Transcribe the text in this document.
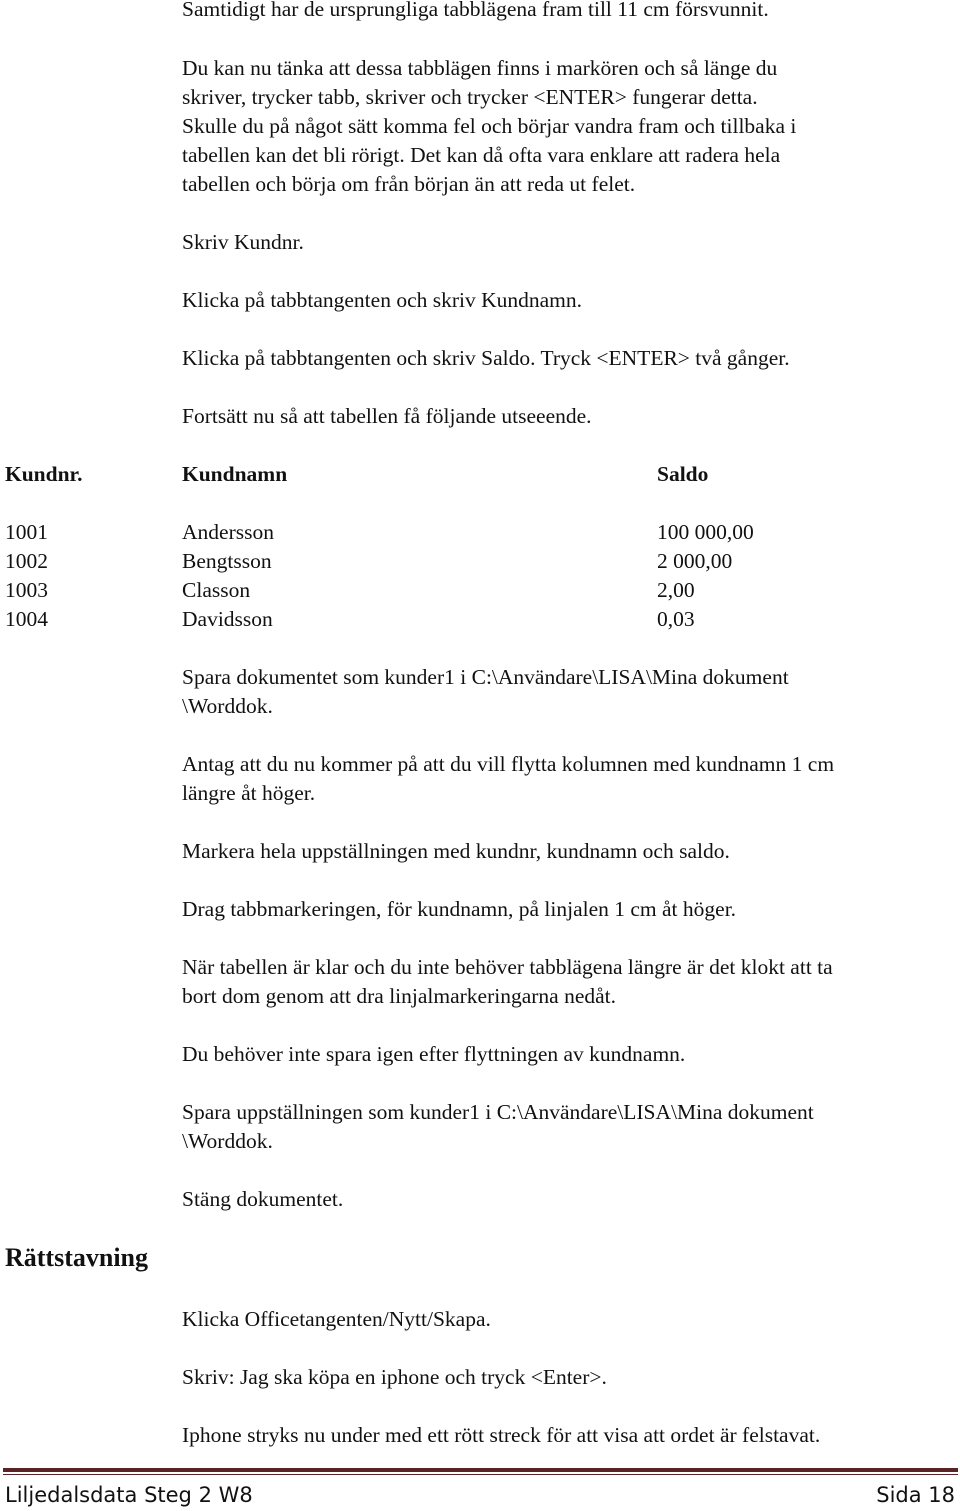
Samtidigt har de ursprungliga tabblägena fram till 11 cm försvunnit.

Du kan nu tänka att dessa tabblägen finns i markören och så länge du

skriver, trycker tabb, skriver och trycker <ENTER> fungerar detta.

Skulle du på något sätt komma fel och börjar vandra fram och tillbaka i

tabellen kan det bli rörigt. Det kan då ofta vara enklare att radera hela

tabellen och börja om från början än att reda ut felet.

Skriv Kundnr.

Klicka på tabbtangenten och skriv Kundnamn.

Klicka på tabbtangenten och skriv Saldo. Tryck <ENTER> två gånger.

Fortsätt nu så att tabellen få följande utseeende.

Kundnr.	Kundnamn	Saldo

1001	Andersson	100 000,00

1002	Bengtsson	2 000,00

1003	Classon	2,00

1004	Davidsson	0,03

Spara dokumentet som kunder1 i C:\Användare\LISA\Mina dokument

\Worddok.

Antag att du nu kommer på att du vill flytta kolumnen med kundnamn 1 cm

längre åt höger.

Markera hela uppställningen med kundnr, kundnamn och saldo.

Drag tabbmarkeringen, för kundnamn, på linjalen 1 cm åt höger.

När tabellen är klar och du inte behöver tabblägena längre är det klokt att ta

bort dom genom att dra linjalmarkeringarna nedåt.

Du behöver inte spara igen efter flyttningen av kundnamn.

Spara uppställningen som kunder1 i C:\Användare\LISA\Mina dokument

\Worddok.

Stäng dokumentet.

Rättstavning

Klicka Officetangenten/Nytt/Skapa.

Skriv: Jag ska köpa en iphone och tryck <Enter>.

Iphone stryks nu under med ett rött streck för att visa att ordet är felstavat.

Liljedalsdata Steg 2 W8	Sida 18
